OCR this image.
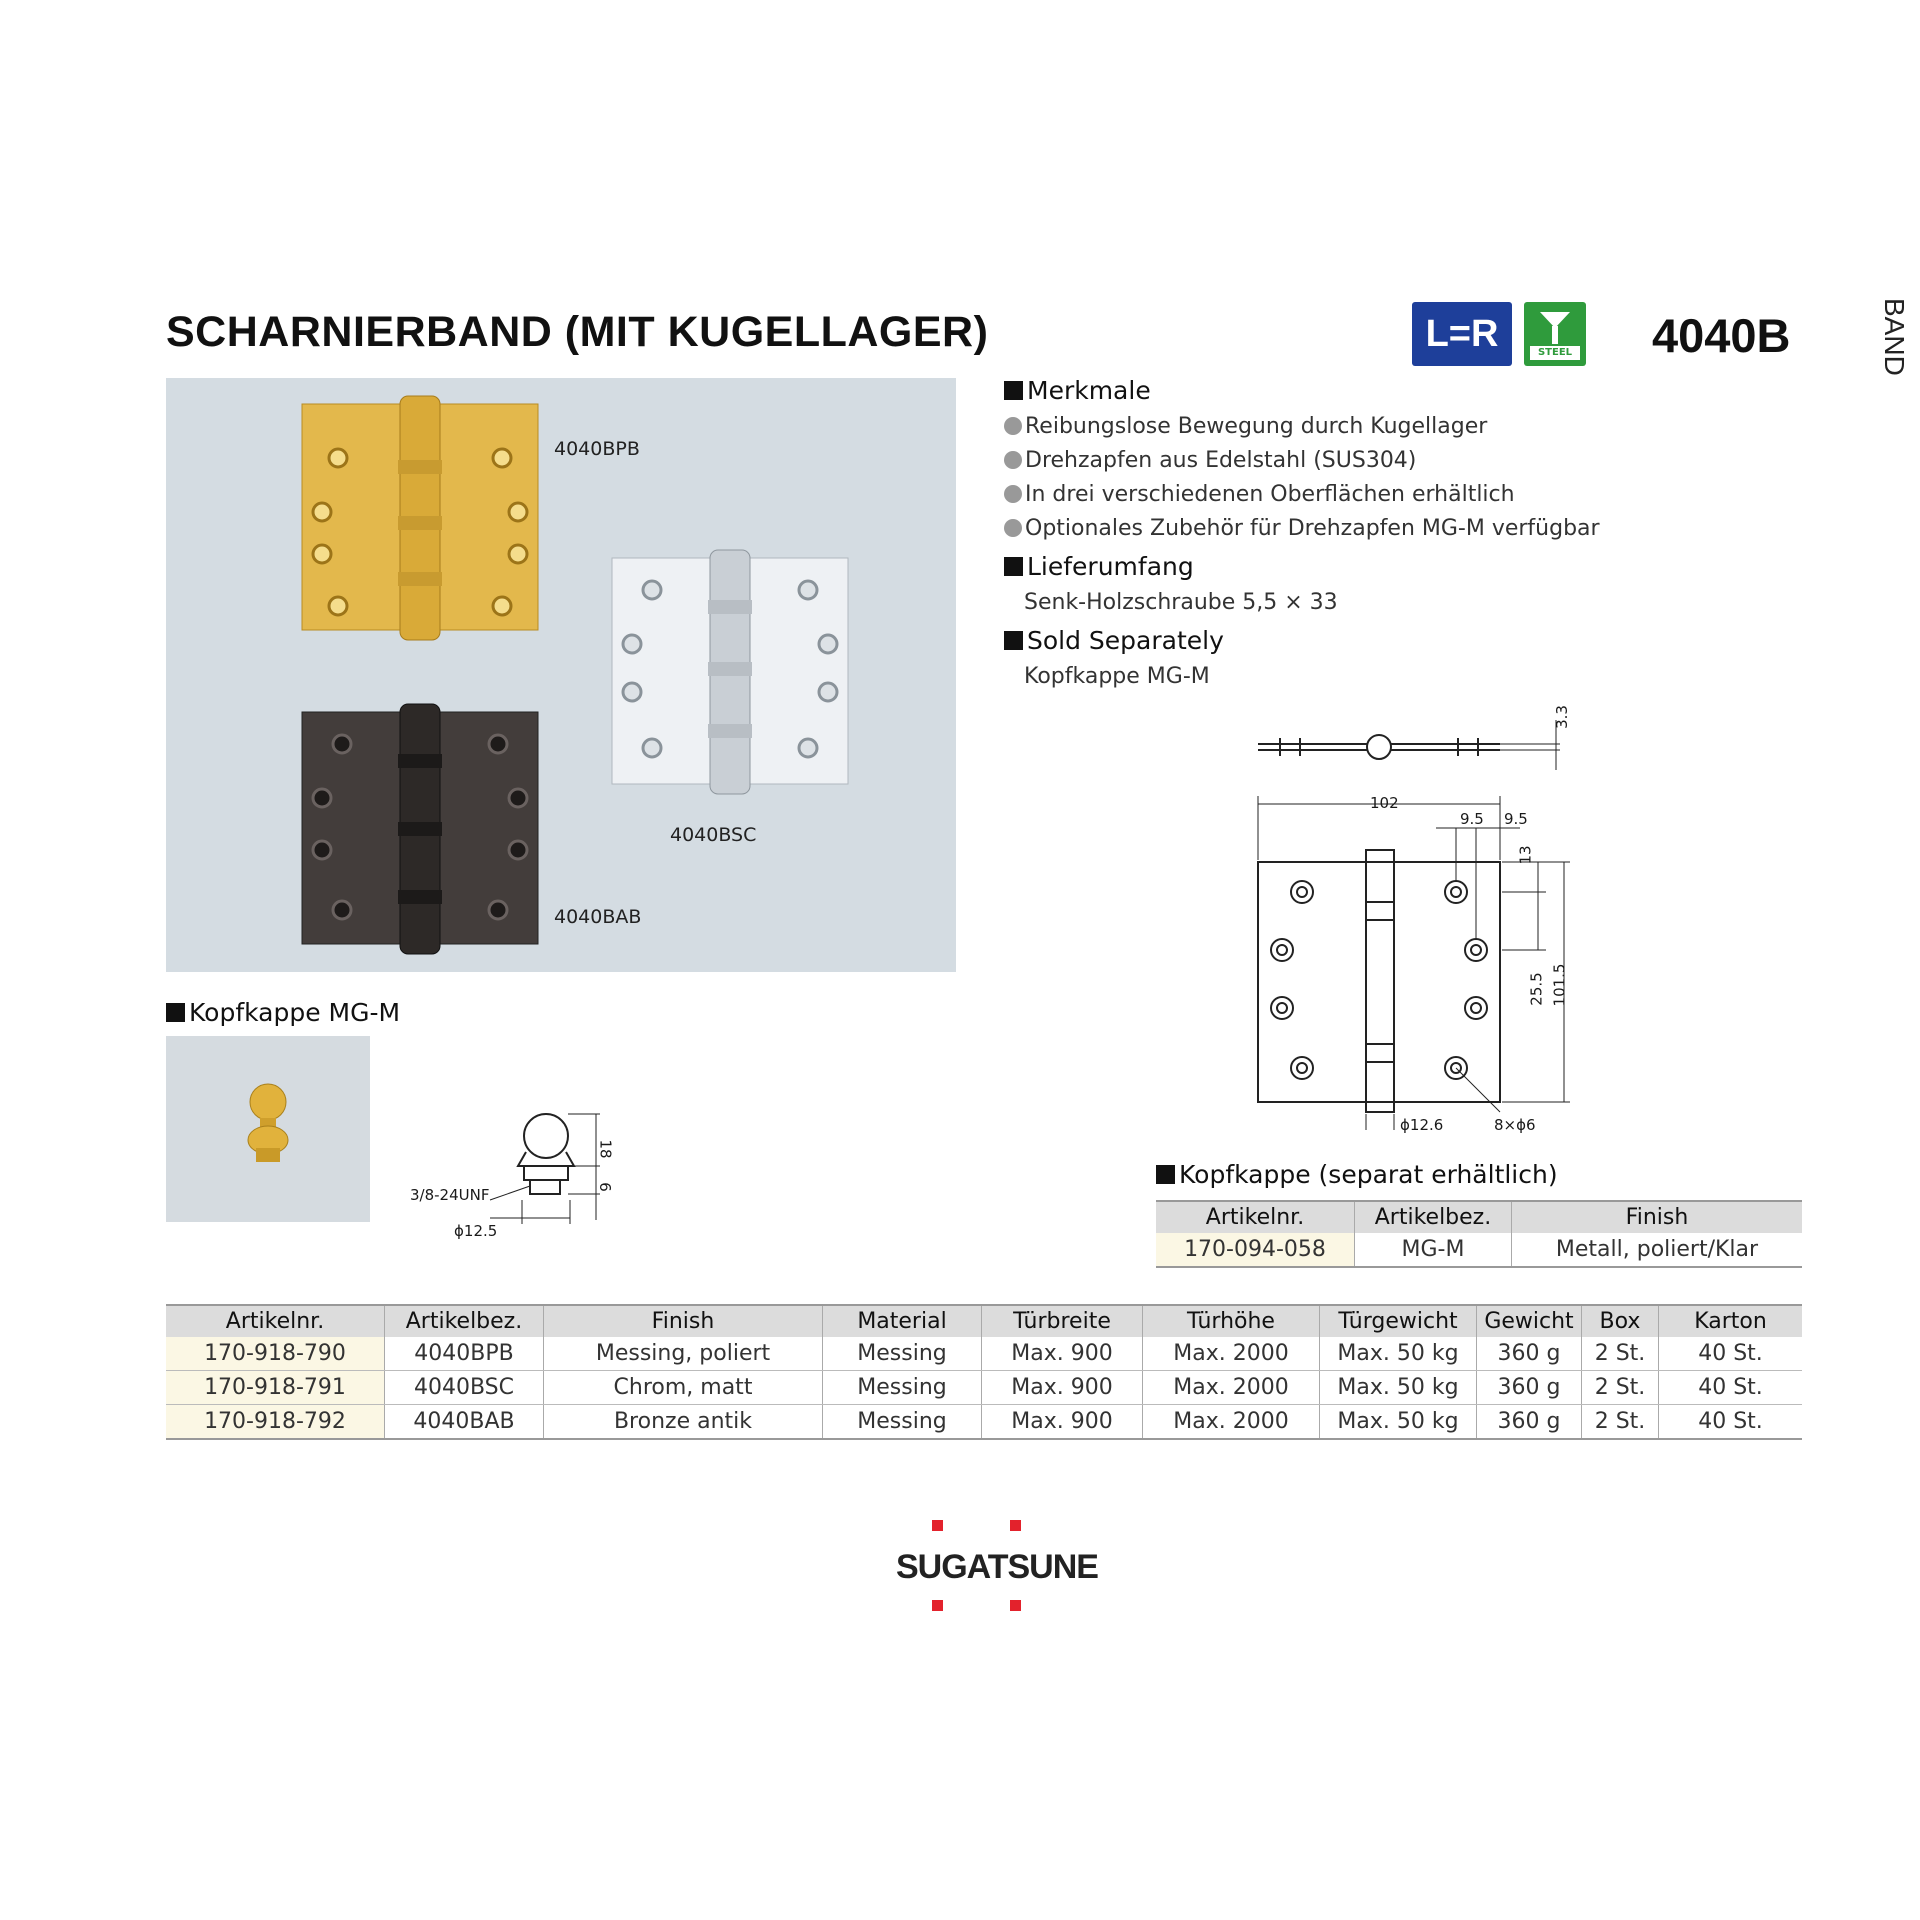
SCHARNIERBAND (MIT KUGELLAGER)	L=R	STEEL 4040B	BAND
4040BPB
4040BSC
4040BAB
Merkmale
Reibungslose Bewegung durch Kugellager
Drehzapfen aus Edelstahl (SUS304)
In drei verschiedenen Oberflächen erhältlich
Optionales Zubehör für Drehzapfen MG-M verfügbar
Lieferumfang
Senk-Holzschraube 5,5 × 33
Sold Separately
Kopfkappe MG-M
102
9.5 9.5
13
25.5 101.5
3.3
ϕ12.6	8×ϕ6
Kopfkappe MG-M
3/8-24UNF
ϕ12.5
18
6	Kopfkappe (separat erhältlich)
Artikelnr.	Artikelbez.	Finish
170-094-058	MG-M	Metall, poliert/Klar
Artikelnr.	Artikelbez.	Finish	Material	Türbreite	Türhöhe	Türgewicht	Gewicht	Box	Karton
170-918-790	4040BPB	Messing, poliert	Messing	Max. 900	Max. 2000	Max. 50 kg	360 g	2 St.	40 St.
170-918-791	4040BSC	Chrom, matt	Messing	Max. 900	Max. 2000	Max. 50 kg	360 g	2 St.	40 St.
170-918-792	4040BAB	Bronze antik	Messing	Max. 900	Max. 2000	Max. 50 kg	360 g	2 St.	40 St.
SUGATSUNE
